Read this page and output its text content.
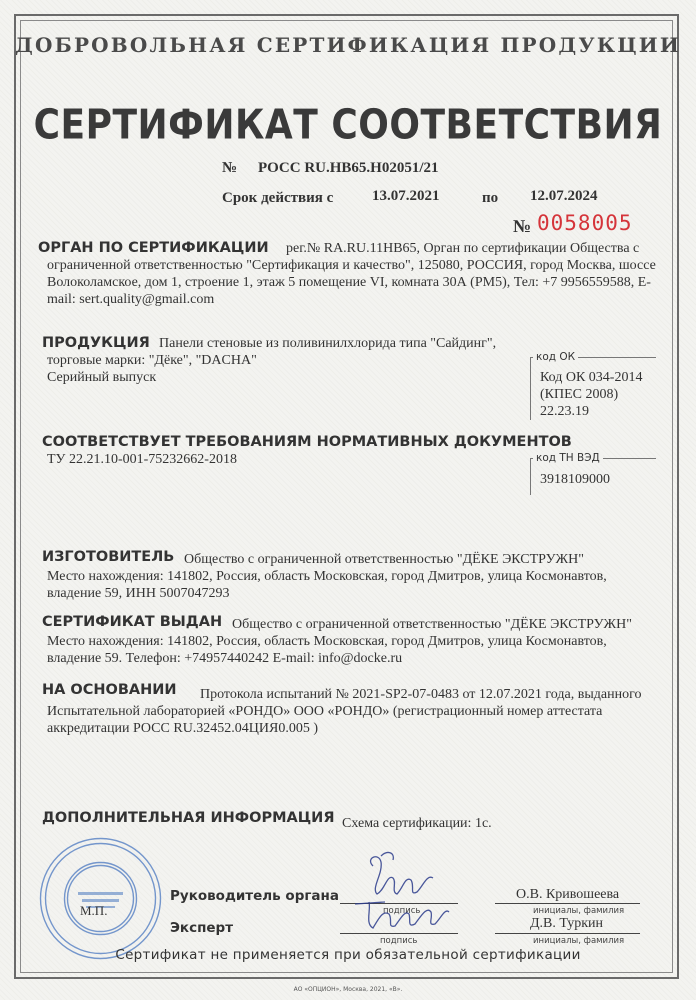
ДОБРОВОЛЬНАЯ СЕРТИФИКАЦИЯ ПРОДУКЦИИ
СЕРТИФИКАТ СООТВЕТСТВИЯ
№ РОСС RU.НВ65.Н02051/21
Срок действия с	13.07.2021	по 12.07.2024
№ 0058005
ОРГАН ПО СЕРТИФИКАЦИИ рег.№ RA.RU.11НВ65, Орган по сертификации Общества с
ограниченной ответственностью "Сертификация и качество", 125080, РОССИЯ, город Москва, шоссе
Волоколамское, дом 1, строение 1, этаж 5 помещение VI, комната 30А (РМ5), Тел: +7 9956559588, E-
mail: sert.quality@gmail.com
ПРОДУКЦИЯ Панели стеновые из поливинилхлорида типа "Сайдинг",
торговые марки: "Дёке", "DACHA"
Серийный выпуск
код ОК
Код ОК 034-2014
(КПЕС 2008)
22.23.19
СООТВЕТСТВУЕТ ТРЕБОВАНИЯМ НОРМАТИВНЫХ ДОКУМЕНТОВ
ТУ 22.21.10-001-75232662-2018	код ТН ВЭД
3918109000
ИЗГОТОВИТЕЛЬ Общество с ограниченной ответственностью "ДЁКЕ ЭКСТРУЖН"
Место нахождения: 141802, Россия, область Московская, город Дмитров, улица Космонавтов,
владение 59, ИНН 5007047293
СЕРТИФИКАТ ВЫДАН Общество с ограниченной ответственностью "ДЁКЕ ЭКСТРУЖН"
Место нахождения: 141802, Россия, область Московская, город Дмитров, улица Космонавтов,
владение 59. Телефон: +74957440242 E-mail: info@docke.ru
НА ОСНОВАНИИ Протокола испытаний № 2021-SP2-07-0483 от 12.07.2021 года, выданного
Испытательной лабораторией «РОНДО» ООО «РОНДО» (регистрационный номер аттестата
аккредитации РОСС RU.32452.04ЦИЯ0.005 )
ДОПОЛНИТЕЛЬНАЯ ИНФОРМАЦИЯ Схема сертификации: 1с.
М.П.
Руководитель органа
подпись
О.В. Кривошеева
инициалы, фамилия
Эксперт
подпись
Д.В. Туркин
инициалы, фамилия
Сертификат не применяется при обязательной сертификации
АО «ОПЦИОН», Москва, 2021, «В».
